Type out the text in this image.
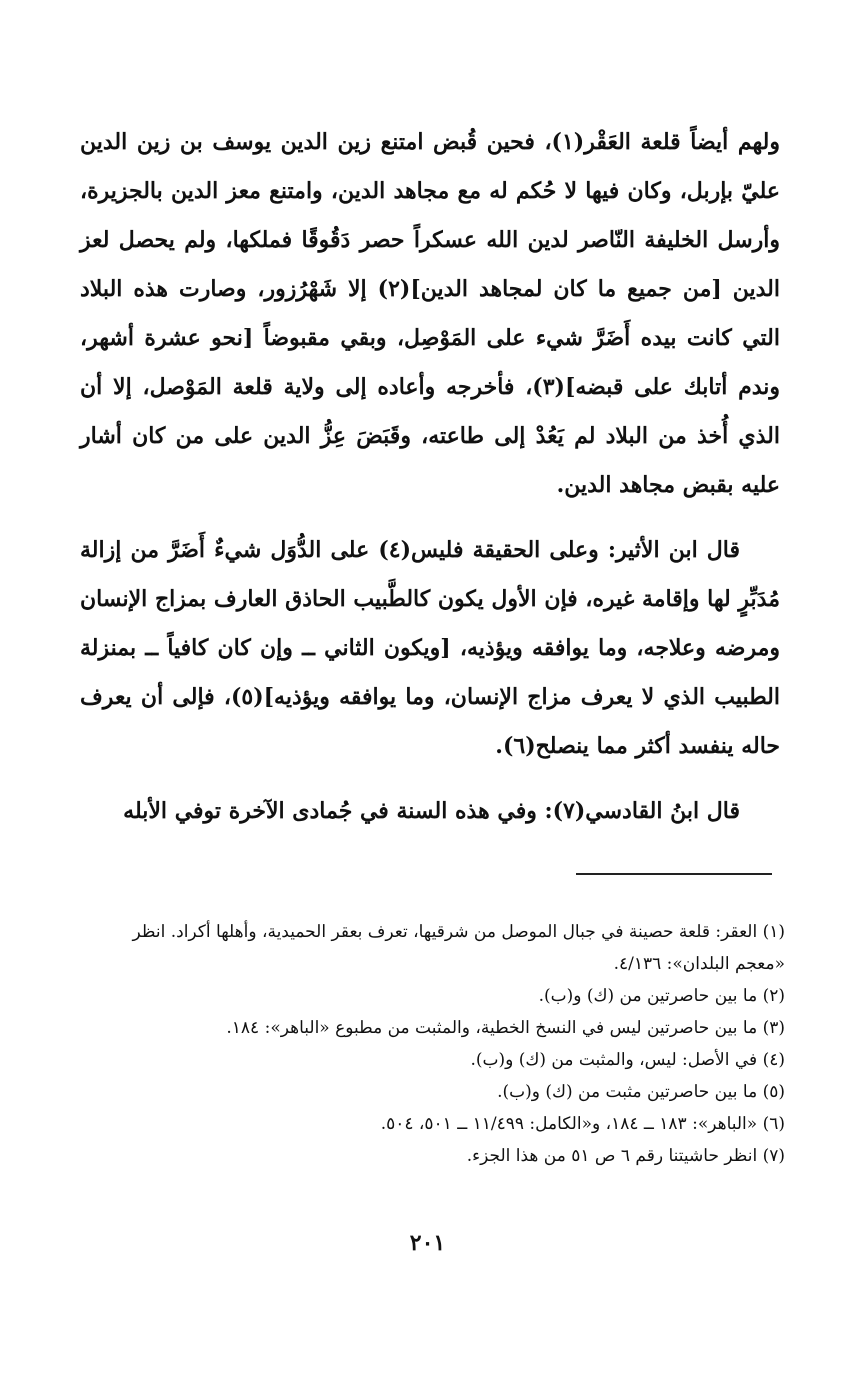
ولهم أيضاً قلعة العَقْر(١)، فحين قُبض امتنع زين الدين يوسف بن زين الدين عليّ بإربل، وكان فيها لا حُكم له مع مجاهد الدين، وامتنع معز الدين بالجزيرة، وأرسل الخليفة النّاصر لدين الله عسكراً حصر دَقُوقًا فملكها، ولم يحصل لعز الدين [من جميع ما كان لمجاهد الدين](٢) إلا شَهْرُزور، وصارت هذه البلاد التي كانت بيده أَضَرَّ شيء على المَوْصِل، وبقي مقبوضاً [نحو عشرة أشهر، وندم أتابك على قبضه](٣)، فأخرجه وأعاده إلى ولاية قلعة المَوْصل، إلا أن الذي أُخذ من البلاد لم يَعُدْ إلى طاعته، وقَبَضَ عِزُّ الدين على من كان أشار عليه بقبض مجاهد الدين.

قال ابن الأثير: وعلى الحقيقة فليس(٤) على الدُّوَل شيءٌ أَضَرَّ من إزالة مُدَبِّرٍ لها وإقامة غيره، فإن الأول يكون كالطَّبيب الحاذق العارف بمزاج الإنسان ومرضه وعلاجه، وما يوافقه ويؤذيه، [ويكون الثاني ــ وإن كان كافياً ــ بمنزلة الطبيب الذي لا يعرف مزاج الإنسان، وما يوافقه ويؤذيه](٥)، فإلى أن يعرف حاله ينفسد أكثر مما ينصلح(٦).

قال ابنُ القادسي(٧): وفي هذه السنة في جُمادى الآخرة توفي الأبله

(١) العقر: قلعة حصينة في جبال الموصل من شرقيها، تعرف بعقر الحميدية، وأهلها أكراد. انظر «معجم البلدان»: ٤/١٣٦.
(٢) ما بين حاصرتين من (ك) و(ب).
(٣) ما بين حاصرتين ليس في النسخ الخطية، والمثبت من مطبوع «الباهر»: ١٨٤.
(٤) في الأصل: ليس، والمثبت من (ك) و(ب).
(٥) ما بين حاصرتين مثبت من (ك) و(ب).
(٦) «الباهر»: ١٨٣ ــ ١٨٤، و«الكامل: ١١/٤٩٩ ــ ٥٠١، ٥٠٤.
(٧) انظر حاشيتنا رقم ٦ ص ٥١ من هذا الجزء.
٢٠١
